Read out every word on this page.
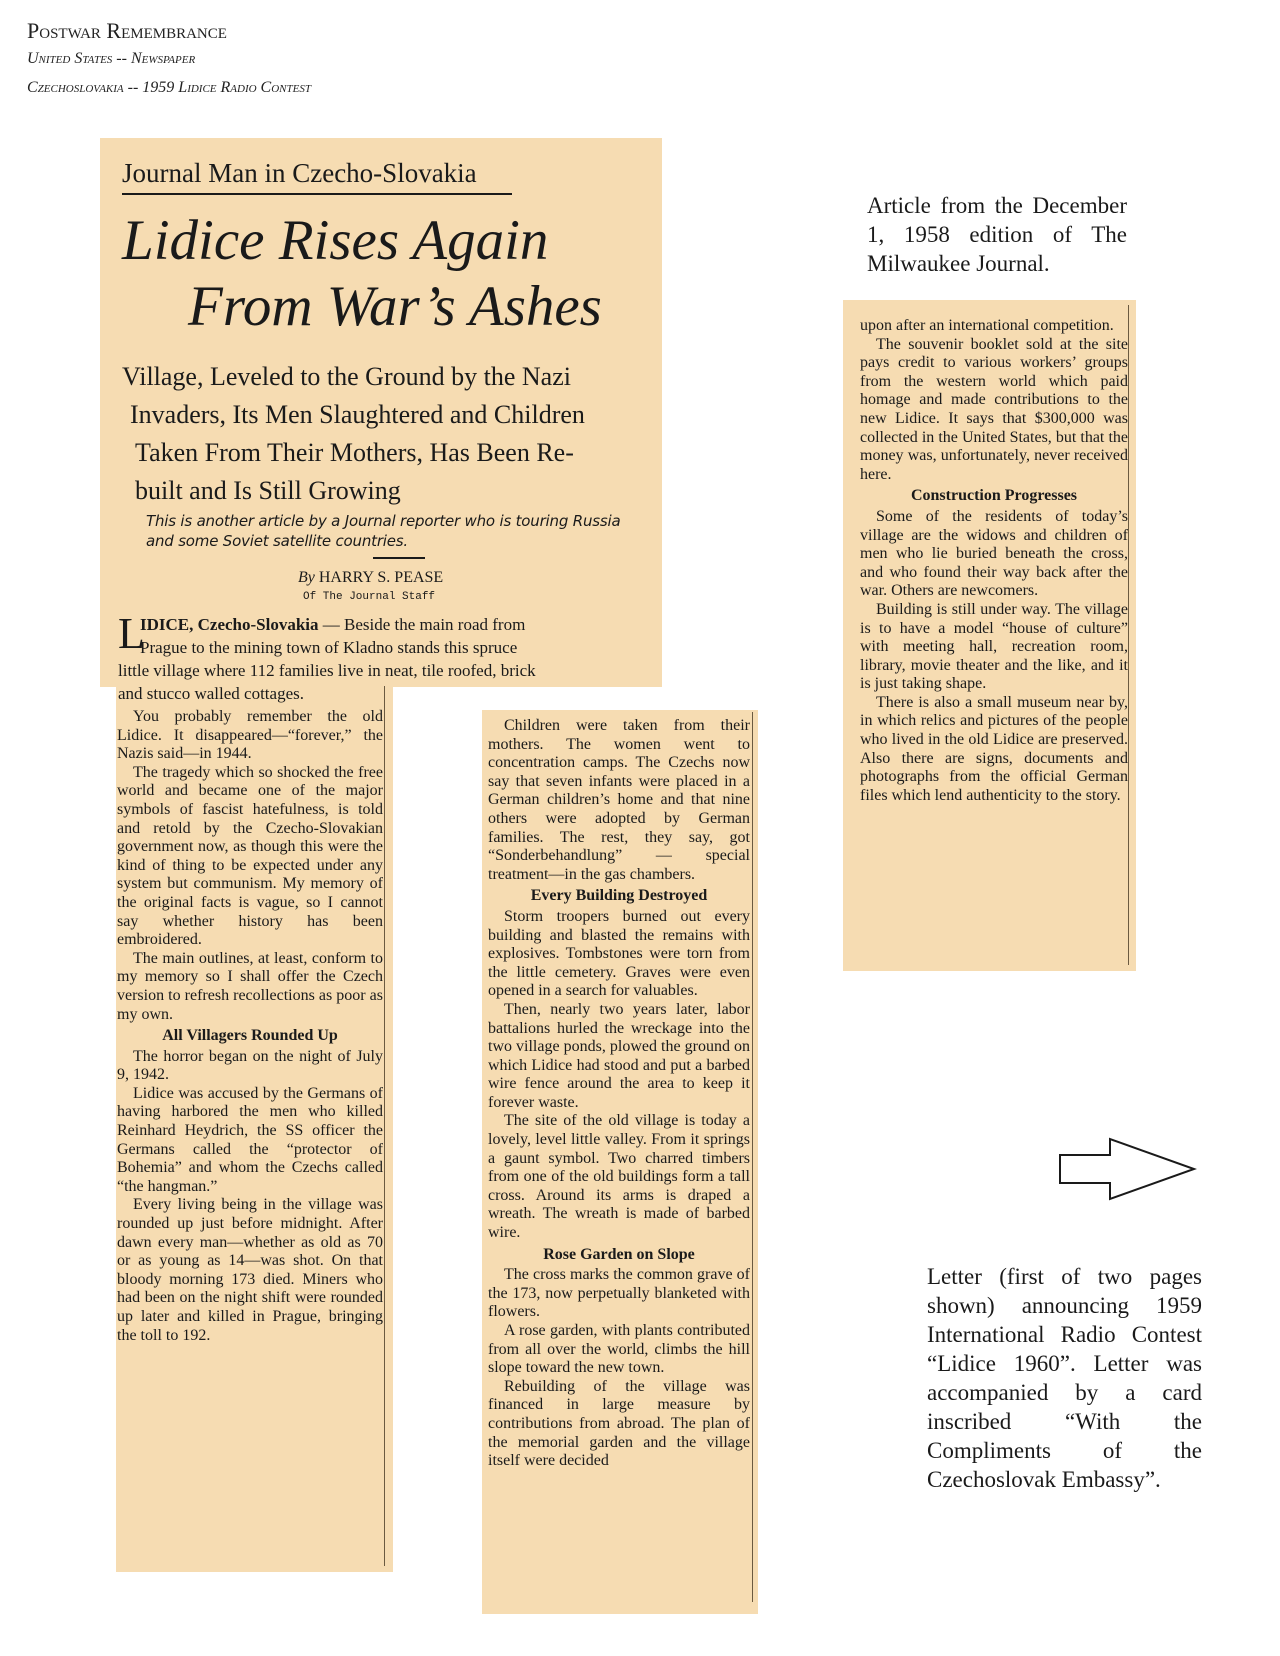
Postwar Remembrance
United States -- Newspaper
Czechoslovakia -- 1959 Lidice Radio Contest
Journal Man in Czecho-Slovakia
Lidice Rises Again
From War’s Ashes
Village, Leveled to the Ground by the Nazi
Invaders, Its Men Slaughtered and Children
Taken From Their Mothers, Has Been Re-
built and Is Still Growing
This is another article by a Journal reporter who is touring Russia and some Soviet satellite countries.
By HARRY S. PEASE
Of The Journal Staff
L
IDICE, Czecho-Slovakia — Beside the main road from
Prague to the mining town of Kladno stands this spruce
little village where 112 families live in neat, tile roofed, brick
and stucco walled cottages.

You probably remember the old Lidice. It disappeared—“forever,” the Nazis said—in 1944.

The tragedy which so shocked the free world and became one of the major symbols of fascist hatefulness, is told and retold by the Czecho-Slovakian government now, as though this were the kind of thing to be expected under any system but communism. My memory of the original facts is vague, so I cannot say whether history has been embroidered.

The main outlines, at least, conform to my memory so I shall offer the Czech version to refresh recollections as poor as my own.

All Villagers Rounded Up

The horror began on the night of July 9, 1942.

Lidice was accused by the Germans of having harbored the men who killed Reinhard Heydrich, the SS officer the Germans called the “protector of Bohemia” and whom the Czechs called “the hangman.”

Every living being in the village was rounded up just before midnight. After dawn every man—whether as old as 70 or as young as 14—was shot. On that bloody morning 173 died. Miners who had been on the night shift were rounded up later and killed in Prague, bringing the toll to 192.

Children were taken from their mothers. The women went to concentration camps. The Czechs now say that seven infants were placed in a German children’s home and that nine others were adopted by German families. The rest, they say, got “Sonderbehandlung” — special treatment—in the gas chambers.

Every Building Destroyed

Storm troopers burned out every building and blasted the remains with explosives. Tombstones were torn from the little cemetery. Graves were even opened in a search for valuables.

Then, nearly two years later, labor battalions hurled the wreckage into the two village ponds, plowed the ground on which Lidice had stood and put a barbed wire fence around the area to keep it forever waste.

The site of the old village is today a lovely, level little valley. From it springs a gaunt symbol. Two charred timbers from one of the old buildings form a tall cross. Around its arms is draped a wreath. The wreath is made of barbed wire.

Rose Garden on Slope

The cross marks the common grave of the 173, now perpetually blanketed with flowers.

A rose garden, with plants contributed from all over the world, climbs the hill slope toward the new town.

Rebuilding of the village was financed in large measure by contributions from abroad. The plan of the memorial garden and the village itself were decided

upon after an international competition.

The souvenir booklet sold at the site pays credit to various workers’ groups from the western world which paid homage and made contributions to the new Lidice. It says that $300,000 was collected in the United States, but that the money was, unfortunately, never received here.

Construction Progresses

Some of the residents of today’s village are the widows and children of men who lie buried beneath the cross, and who found their way back after the war. Others are newcomers.

Building is still under way. The village is to have a model “house of culture” with meeting hall, recreation room, library, movie theater and the like, and it is just taking shape.

There is also a small museum near by, in which relics and pictures of the people who lived in the old Lidice are preserved. Also there are signs, documents and photographs from the official German files which lend authenticity to the story.

Article from the December 1, 1958 edition of The Milwaukee Journal.
Letter (first of two pages shown) announcing 1959 International Radio Contest “Lidice 1960”. Letter was accompanied by a card inscribed “With the Compliments of the Czechoslovak Embassy”.
